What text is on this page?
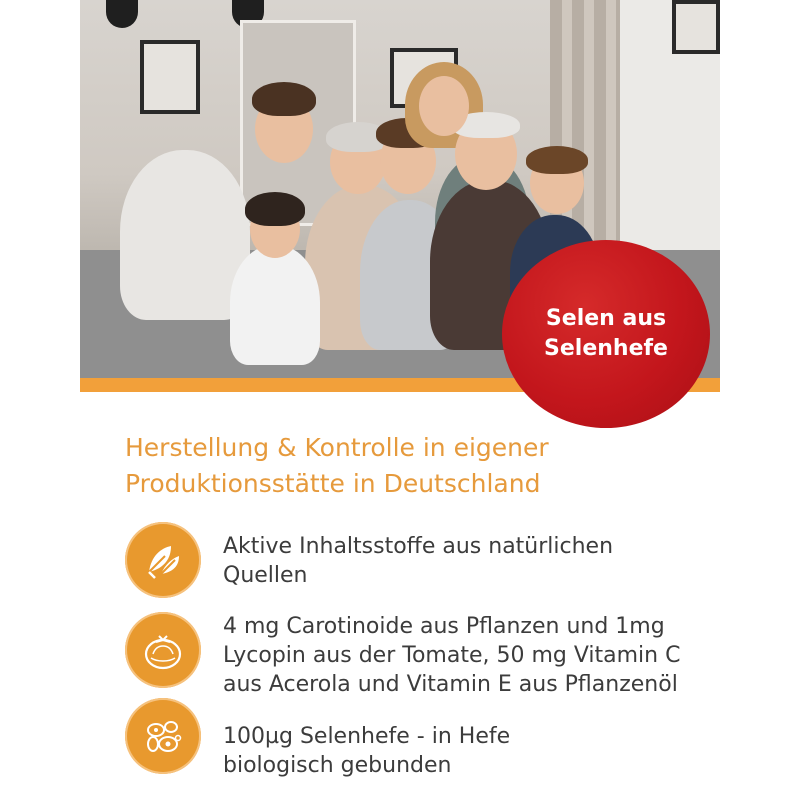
Selen aus
Selenhefe
Herstellung & Kontrolle in eigener
Produktionsstätte in Deutschland
Aktive Inhaltsstoffe aus natürlichen
Quellen
4 mg Carotinoide aus Pflanzen und 1mg
Lycopin aus der Tomate, 50 mg Vitamin C
aus Acerola und Vitamin E aus Pflanzenöl
100µg Selenhefe - in Hefe
biologisch gebunden
